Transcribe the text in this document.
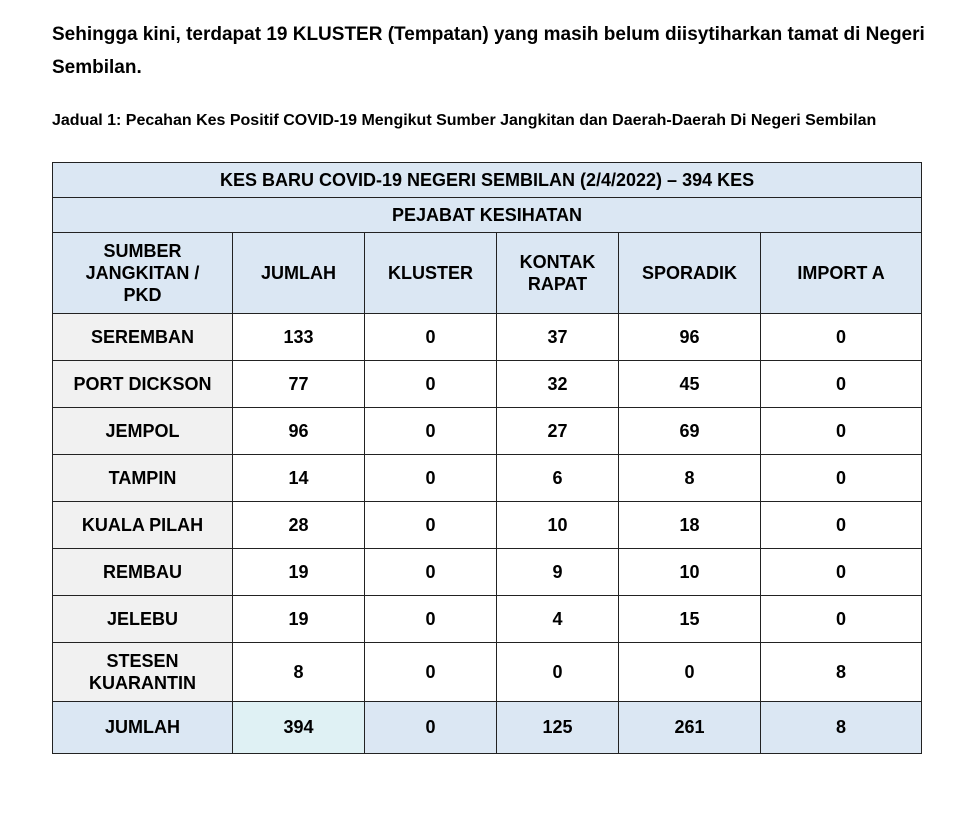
Sehingga kini, terdapat 19 KLUSTER (Tempatan) yang masih belum diisytiharkan tamat di Negeri Sembilan.
Jadual 1: Pecahan Kes Positif COVID-19 Mengikut Sumber Jangkitan dan Daerah-Daerah Di Negeri Sembilan
KES BARU COVID-19 NEGERI SEMBILAN (2/4/2022) – 394 KES					
PEJABAT KESIHATAN					
SUMBER JANGKITAN / PKD	JUMLAH	KLUSTER	KONTAK RAPAT	SPORADIK	IMPORT A
SEREMBAN	133	0	37	96	0
PORT DICKSON	77	0	32	45	0
JEMPOL	96	0	27	69	0
TAMPIN	14	0	6	8	0
KUALA PILAH	28	0	10	18	0
REMBAU	19	0	9	10	0
JELEBU	19	0	4	15	0
STESEN KUARANTIN	8	0	0	0	8
JUMLAH	394	0	125	261	8
